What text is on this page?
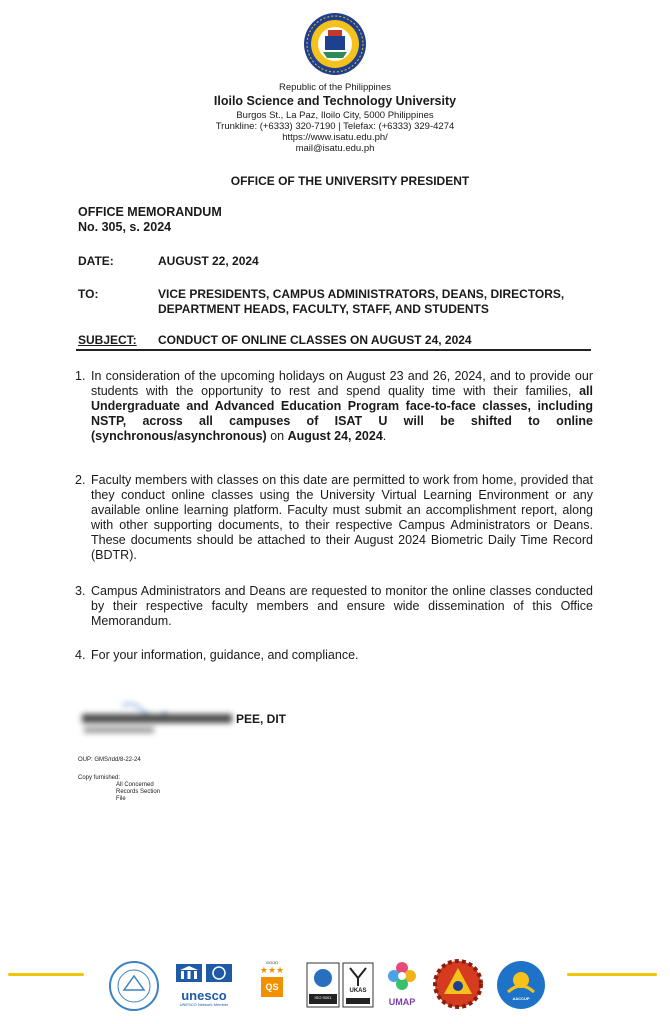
Republic of the Philippines
Iloilo Science and Technology University
Burgos St., La Paz, Iloilo City, 5000 Philippines
Trunkline: (+6333) 320-7190 | Telefax: (+6333) 329-4274
https://www.isatu.edu.ph/
mail@isatu.edu.ph
OFFICE OF THE UNIVERSITY PRESIDENT
OFFICE MEMORANDUM
No. 305, s. 2024
DATE:	AUGUST 22, 2024
TO:	VICE PRESIDENTS, CAMPUS ADMINISTRATORS, DEANS, DIRECTORS, DEPARTMENT HEADS, FACULTY, STAFF, AND STUDENTS
SUBJECT: CONDUCT OF ONLINE CLASSES ON AUGUST 24, 2024
1. In consideration of the upcoming holidays on August 23 and 26, 2024, and to provide our students with the opportunity to rest and spend quality time with their families, all Undergraduate and Advanced Education Program face-to-face classes, including NSTP, across all campuses of ISAT U will be shifted to online (synchronous/asynchronous) on August 24, 2024.
2. Faculty members with classes on this date are permitted to work from home, provided that they conduct online classes using the University Virtual Learning Environment or any available online learning platform. Faculty must submit an accomplishment report, along with other supporting documents, to their respective Campus Administrators or Deans. These documents should be attached to their August 2024 Biometric Daily Time Record (BDTR).
3. Campus Administrators and Deans are requested to monitor the online classes conducted by their respective faculty members and ensure wide dissemination of this Office Memorandum.
4. For your information, guidance, and compliance.
PEE, DIT
OUP: GMS/rdd/8-22-24
Copy furnished:
All Concerned
Records Section
File
unesco
UNESCO Network Member
GOOD
★★★
QS
ISO 9001
UKAS
UMAP	AACCUP
